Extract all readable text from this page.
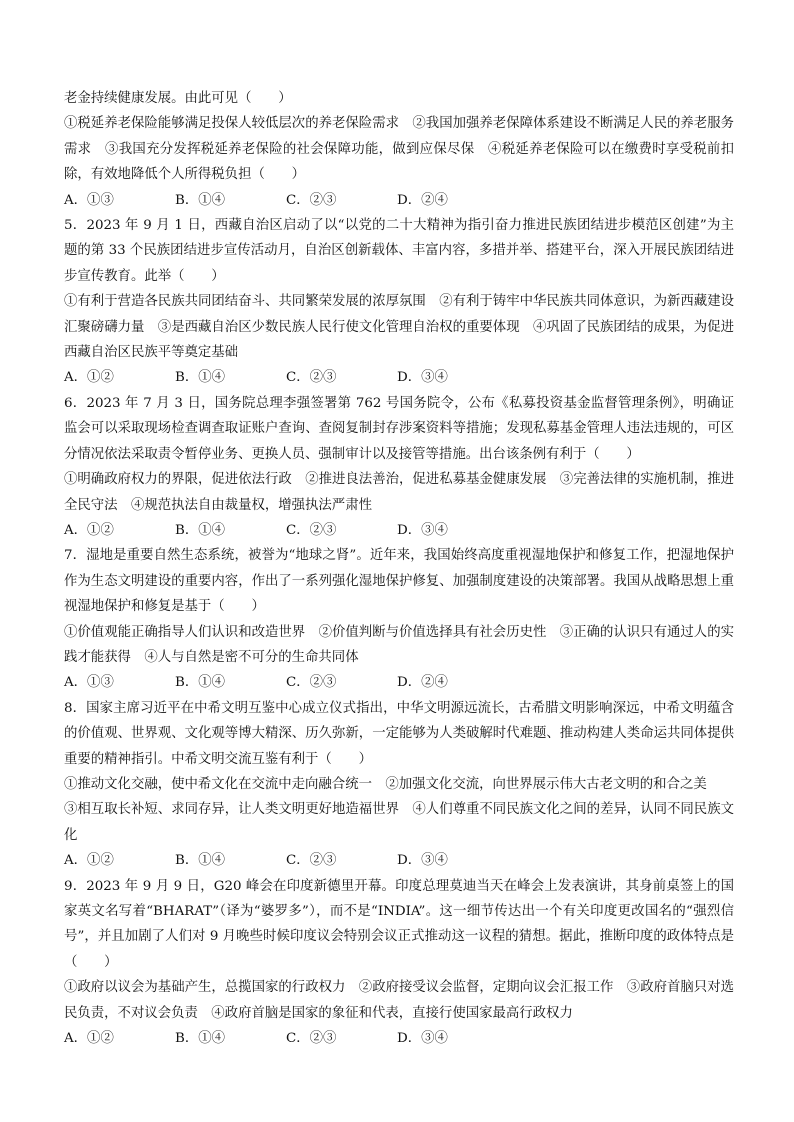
老金持续健康发展。由此可见（　　）

①税延养老保险能够满足投保人较低层次的养老保险需求　②我国加强养老保障体系建设不断满足人民的养老服务需求　③我国充分发挥税延养老保险的社会保障功能，做到应保尽保　④税延养老保险可以在缴费时享受税前扣除，有效地降低个人所得税负担（　　）

A．①③	B．①④	C．②③	D．②④

5．2023 年 9 月 1 日，西藏自治区启动了以“以党的二十大精神为指引奋力推进民族团结进步模范区创建”为主题的第 33 个民族团结进步宣传活动月，自治区创新载体、丰富内容，多措并举、搭建平台，深入开展民族团结进步宣传教育。此举（　　）

①有利于营造各民族共同团结奋斗、共同繁荣发展的浓厚氛围　②有利于铸牢中华民族共同体意识，为新西藏建设汇聚磅礴力量　③是西藏自治区少数民族人民行使文化管理自治权的重要体现　④巩固了民族团结的成果，为促进西藏自治区民族平等奠定基础

A．①②	B．①④	C．②③	D．③④

6．2023 年 7 月 3 日，国务院总理李强签署第 762 号国务院令，公布《私募投资基金监督管理条例》，明确证监会可以采取现场检查调查取证账户查询、查阅复制封存涉案资料等措施；发现私募基金管理人违法违规的，可区分情况依法采取责令暂停业务、更换人员、强制审计以及接管等措施。出台该条例有利于（　　）

①明确政府权力的界限，促进依法行政　②推进良法善治，促进私募基金健康发展　③完善法律的实施机制，推进全民守法　④规范执法自由裁量权，增强执法严肃性

A．①②	B．①④	C．②③	D．③④

7．湿地是重要自然生态系统，被誉为“地球之肾”。近年来，我国始终高度重视湿地保护和修复工作，把湿地保护作为生态文明建设的重要内容，作出了一系列强化湿地保护修复、加强制度建设的决策部署。我国从战略思想上重视湿地保护和修复是基于（　　）

①价值观能正确指导人们认识和改造世界　②价值判断与价值选择具有社会历史性　③正确的认识只有通过人的实践才能获得　④人与自然是密不可分的生命共同体

A．①③	B．①④	C．②③	D．②④

8．国家主席习近平在中希文明互鉴中心成立仪式指出，中华文明源远流长，古希腊文明影响深远，中希文明蕴含的价值观、世界观、文化观等博大精深、历久弥新，一定能够为人类破解时代难题、推动构建人类命运共同体提供重要的精神指引。中希文明交流互鉴有利于（　　）

①推动文化交融，使中希文化在交流中走向融合统一　②加强文化交流，向世界展示伟大古老文明的和合之美

③相互取长补短、求同存异，让人类文明更好地造福世界　④人们尊重不同民族文化之间的差异，认同不同民族文化

A．①②	B．①④	C．②③	D．③④

9．2023 年 9 月 9 日，G20 峰会在印度新德里开幕。印度总理莫迪当天在峰会上发表演讲，其身前桌签上的国家英文名写着“BHARAT”（译为“婆罗多”），而不是“INDIA”。这一细节传达出一个有关印度更改国名的“强烈信号”，并且加剧了人们对 9 月晚些时候印度议会特别会议正式推动这一议程的猜想。据此，推断印度的政体特点是（　　）

①政府以议会为基础产生，总揽国家的行政权力　②政府接受议会监督，定期向议会汇报工作　③政府首脑只对选民负责，不对议会负责　④政府首脑是国家的象征和代表，直接行使国家最高行政权力

A．①②	B．①④	C．②③	D．③④
